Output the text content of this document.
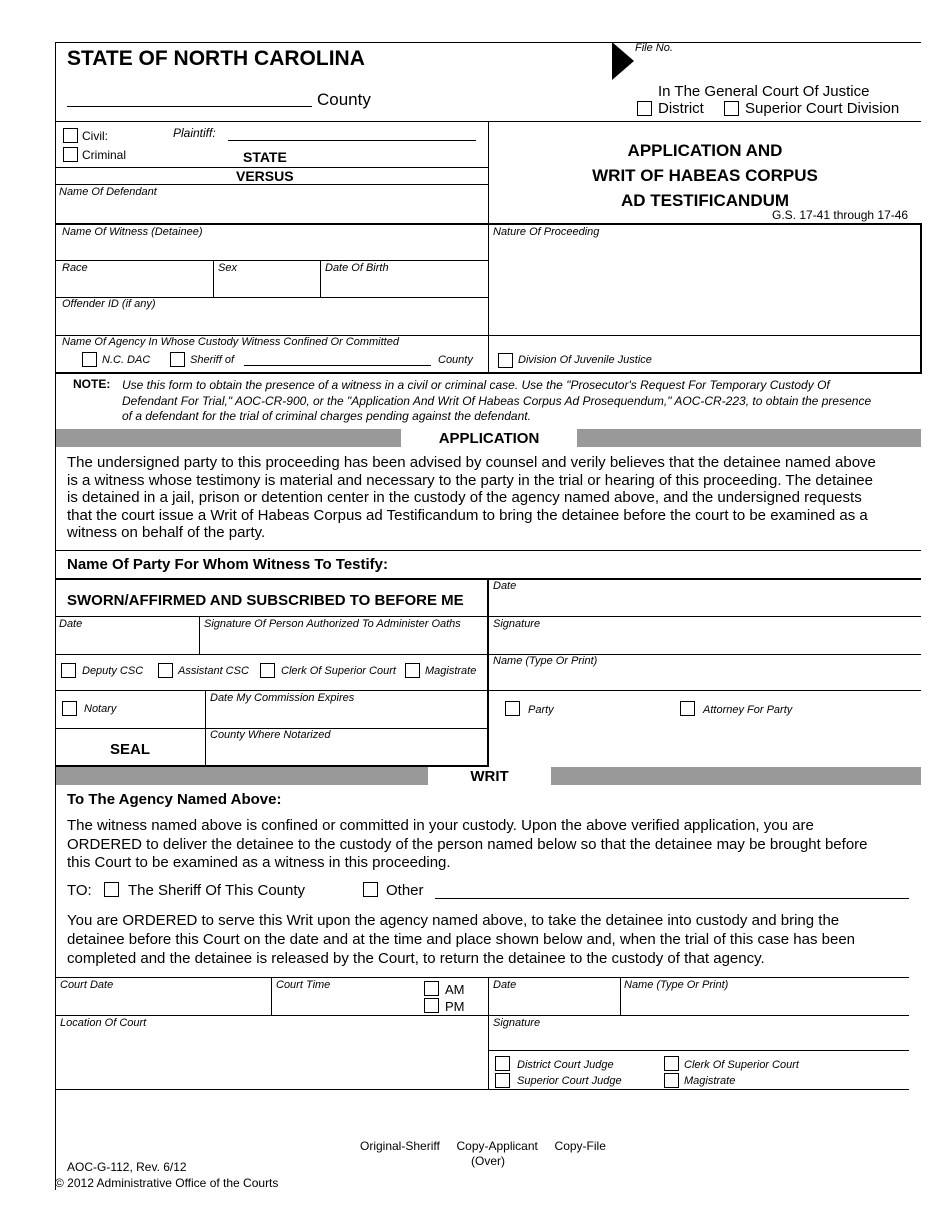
STATE OF NORTH CAROLINA
County
File No.
In The General Court Of Justice
District	Superior Court Division
Civil:
Criminal
Plaintiff:
STATE
VERSUS
Name Of Defendant
APPLICATION AND
WRIT OF HABEAS CORPUS
AD TESTIFICANDUM
G.S. 17-41 through 17-46
Name Of Witness (Detainee)	Nature Of Proceeding
Race	Sex	Date Of Birth
Offender ID (if any)
Name Of Agency In Whose Custody Witness Confined Or Committed
N.C. DAC	Sheriff of	County	Division Of Juvenile Justice
NOTE: Use this form to obtain the presence of a witness in a civil or criminal case. Use the "Prosecutor's Request For Temporary Custody Of
Defendant For Trial," AOC-CR-900, or the "Application And Writ Of Habeas Corpus Ad Prosequendum," AOC-CR-223, to obtain the presence
of a defendant for the trial of criminal charges pending against the defendant.
APPLICATION
The undersigned party to this proceeding has been advised by counsel and verily believes that the detainee named above
is a witness whose testimony is material and necessary to the party in the trial or hearing of this proceeding. The detainee
is detained in a jail, prison or detention center in the custody of the agency named above, and the undersigned requests
that the court issue a Writ of Habeas Corpus ad Testificandum to bring the detainee before the court to be examined as a
witness on behalf of the party.
Name Of Party For Whom Witness To Testify:
SWORN/AFFIRMED AND SUBSCRIBED TO BEFORE ME
Date	Signature Of Person Authorized To Administer Oaths
Deputy CSC	Assistant CSC	Clerk Of Superior Court	Magistrate
Notary
Date My Commission Expires
County Where Notarized
SEAL
Date
Signature
Name (Type Or Print)
Party	Attorney For Party
WRIT
To The Agency Named Above:
The witness named above is confined or committed in your custody. Upon the above verified application, you are
ORDERED to deliver the detainee to the custody of the person named below so that the detainee may be brought before
this Court to be examined as a witness in this proceeding.
TO: The Sheriff Of This County	Other
You are ORDERED to serve this Writ upon the agency named above, to take the detainee into custody and bring the
detainee before this Court on the date and at the time and place shown below and, when the trial of this case has been
completed and the detainee is released by the Court, to return the detainee to the custody of that agency.
Court Date	Court Time	AM
PM
Date	Name (Type Or Print)
Location Of Court	Signature
District Court Judge
Superior Court Judge
Clerk Of Superior Court
Magistrate
Original-Sheriff     Copy-Applicant     Copy-File
(Over)
AOC-G-112, Rev. 6/12
© 2012 Administrative Office of the Courts
